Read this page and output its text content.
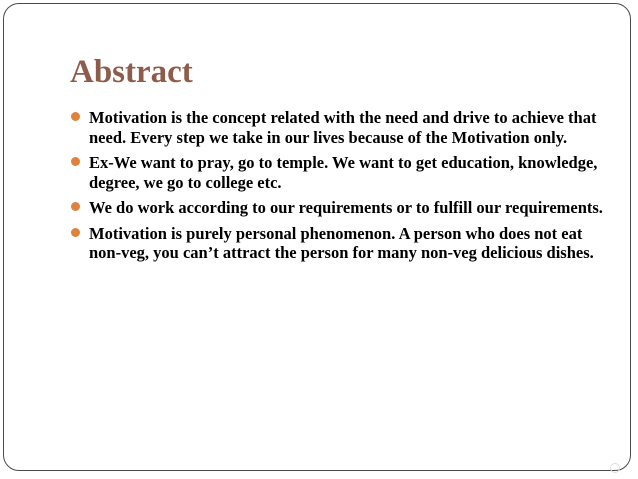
Abstract
Motivation is the concept related with the need and drive to achieve that need. Every step we take in our lives because of the Motivation only.
Ex-We want to pray, go to temple. We want to get education, knowledge, degree, we go to college etc.
We do work according to our requirements or to fulfill our requirements.
Motivation is purely personal phenomenon. A person who does not eat non-veg, you can’t attract the person for many non-veg delicious dishes.
